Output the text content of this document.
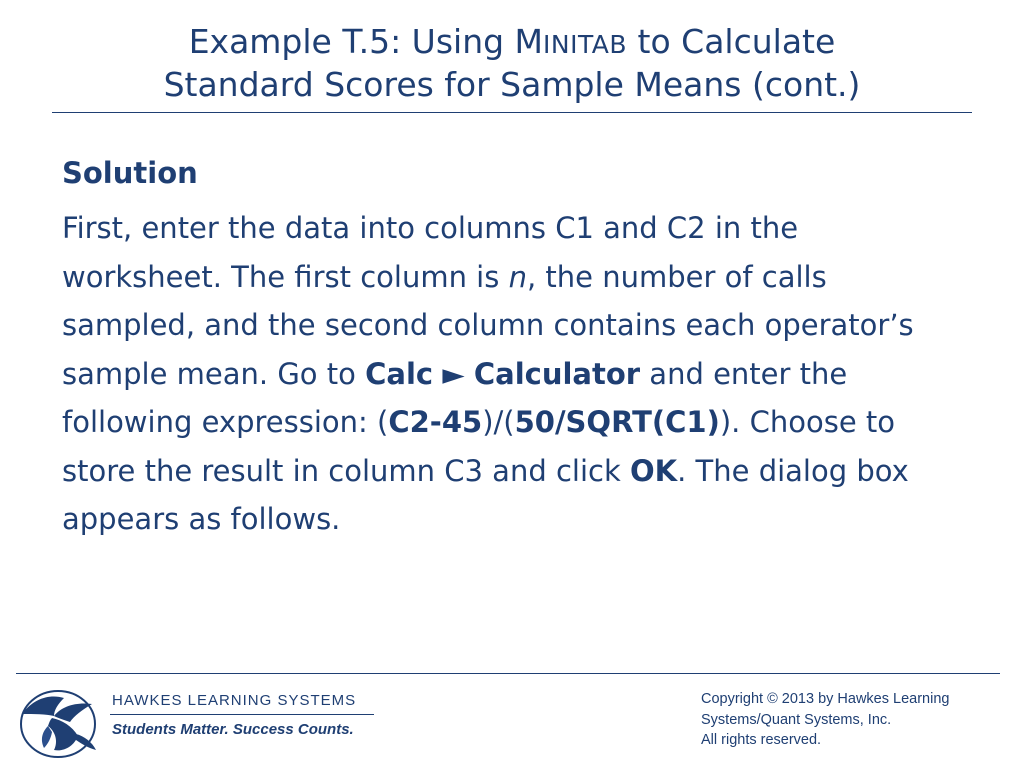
Example T.5: Using MINITAB to Calculate
Standard Scores for Sample Means (cont.)
Solution

First, enter the data into columns C1 and C2 in the worksheet. The first column is n, the number of calls sampled, and the second column contains each operator’s sample mean. Go to Calc ► Calculator and enter the following expression: (C2-45)/(50/SQRT(C1)). Choose to store the result in column C3 and click OK. The dialog box appears as follows.

HAWKES LEARNING SYSTEMS
Students Matter. Success Counts.
Copyright © 2013 by Hawkes Learning
Systems/Quant Systems, Inc.
All rights reserved.
